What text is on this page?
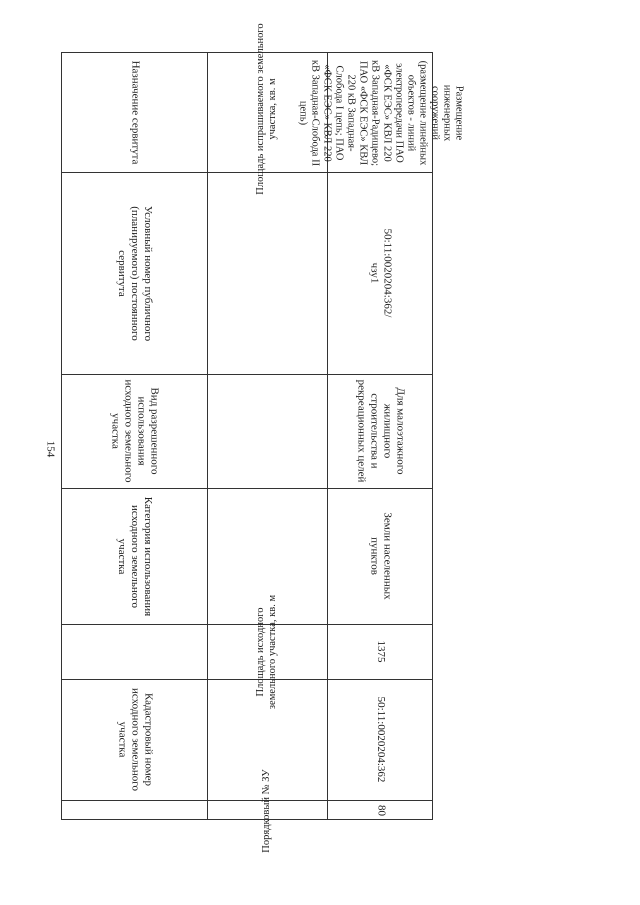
154
Назначение сервитута
Условный номер публичного (планируемого) постоянного сервитута
Вид разрешенного использования исходного земельного участка
Категория использования исходного земельного участка
Кадастровый номер исходного земельного участка
Площадь испрашиваемого земельного участка, кв. м
Площадь исходного земельного участка, кв. м
Порядковый № ЗУ
Размещение инженерных сооружений (размещение линейных объектов - линий электропередачи ПАО «ФСК ЕЭС» КВЛ 220 кВ Западная-Радищево; ПАО «ФСК ЕЭС» КВЛ 220 кВ Западная-Слобода I цепь; ПАО «ФСК ЕЭС» КВЛ 220 кВ Западная-Слобода II цепь)
50:11:0020204:362/чзу1
Для малоэтажного жилищного строительства и рекреационных целей
Земли населенных пунктов
1375
50:11:0020204:362
80
